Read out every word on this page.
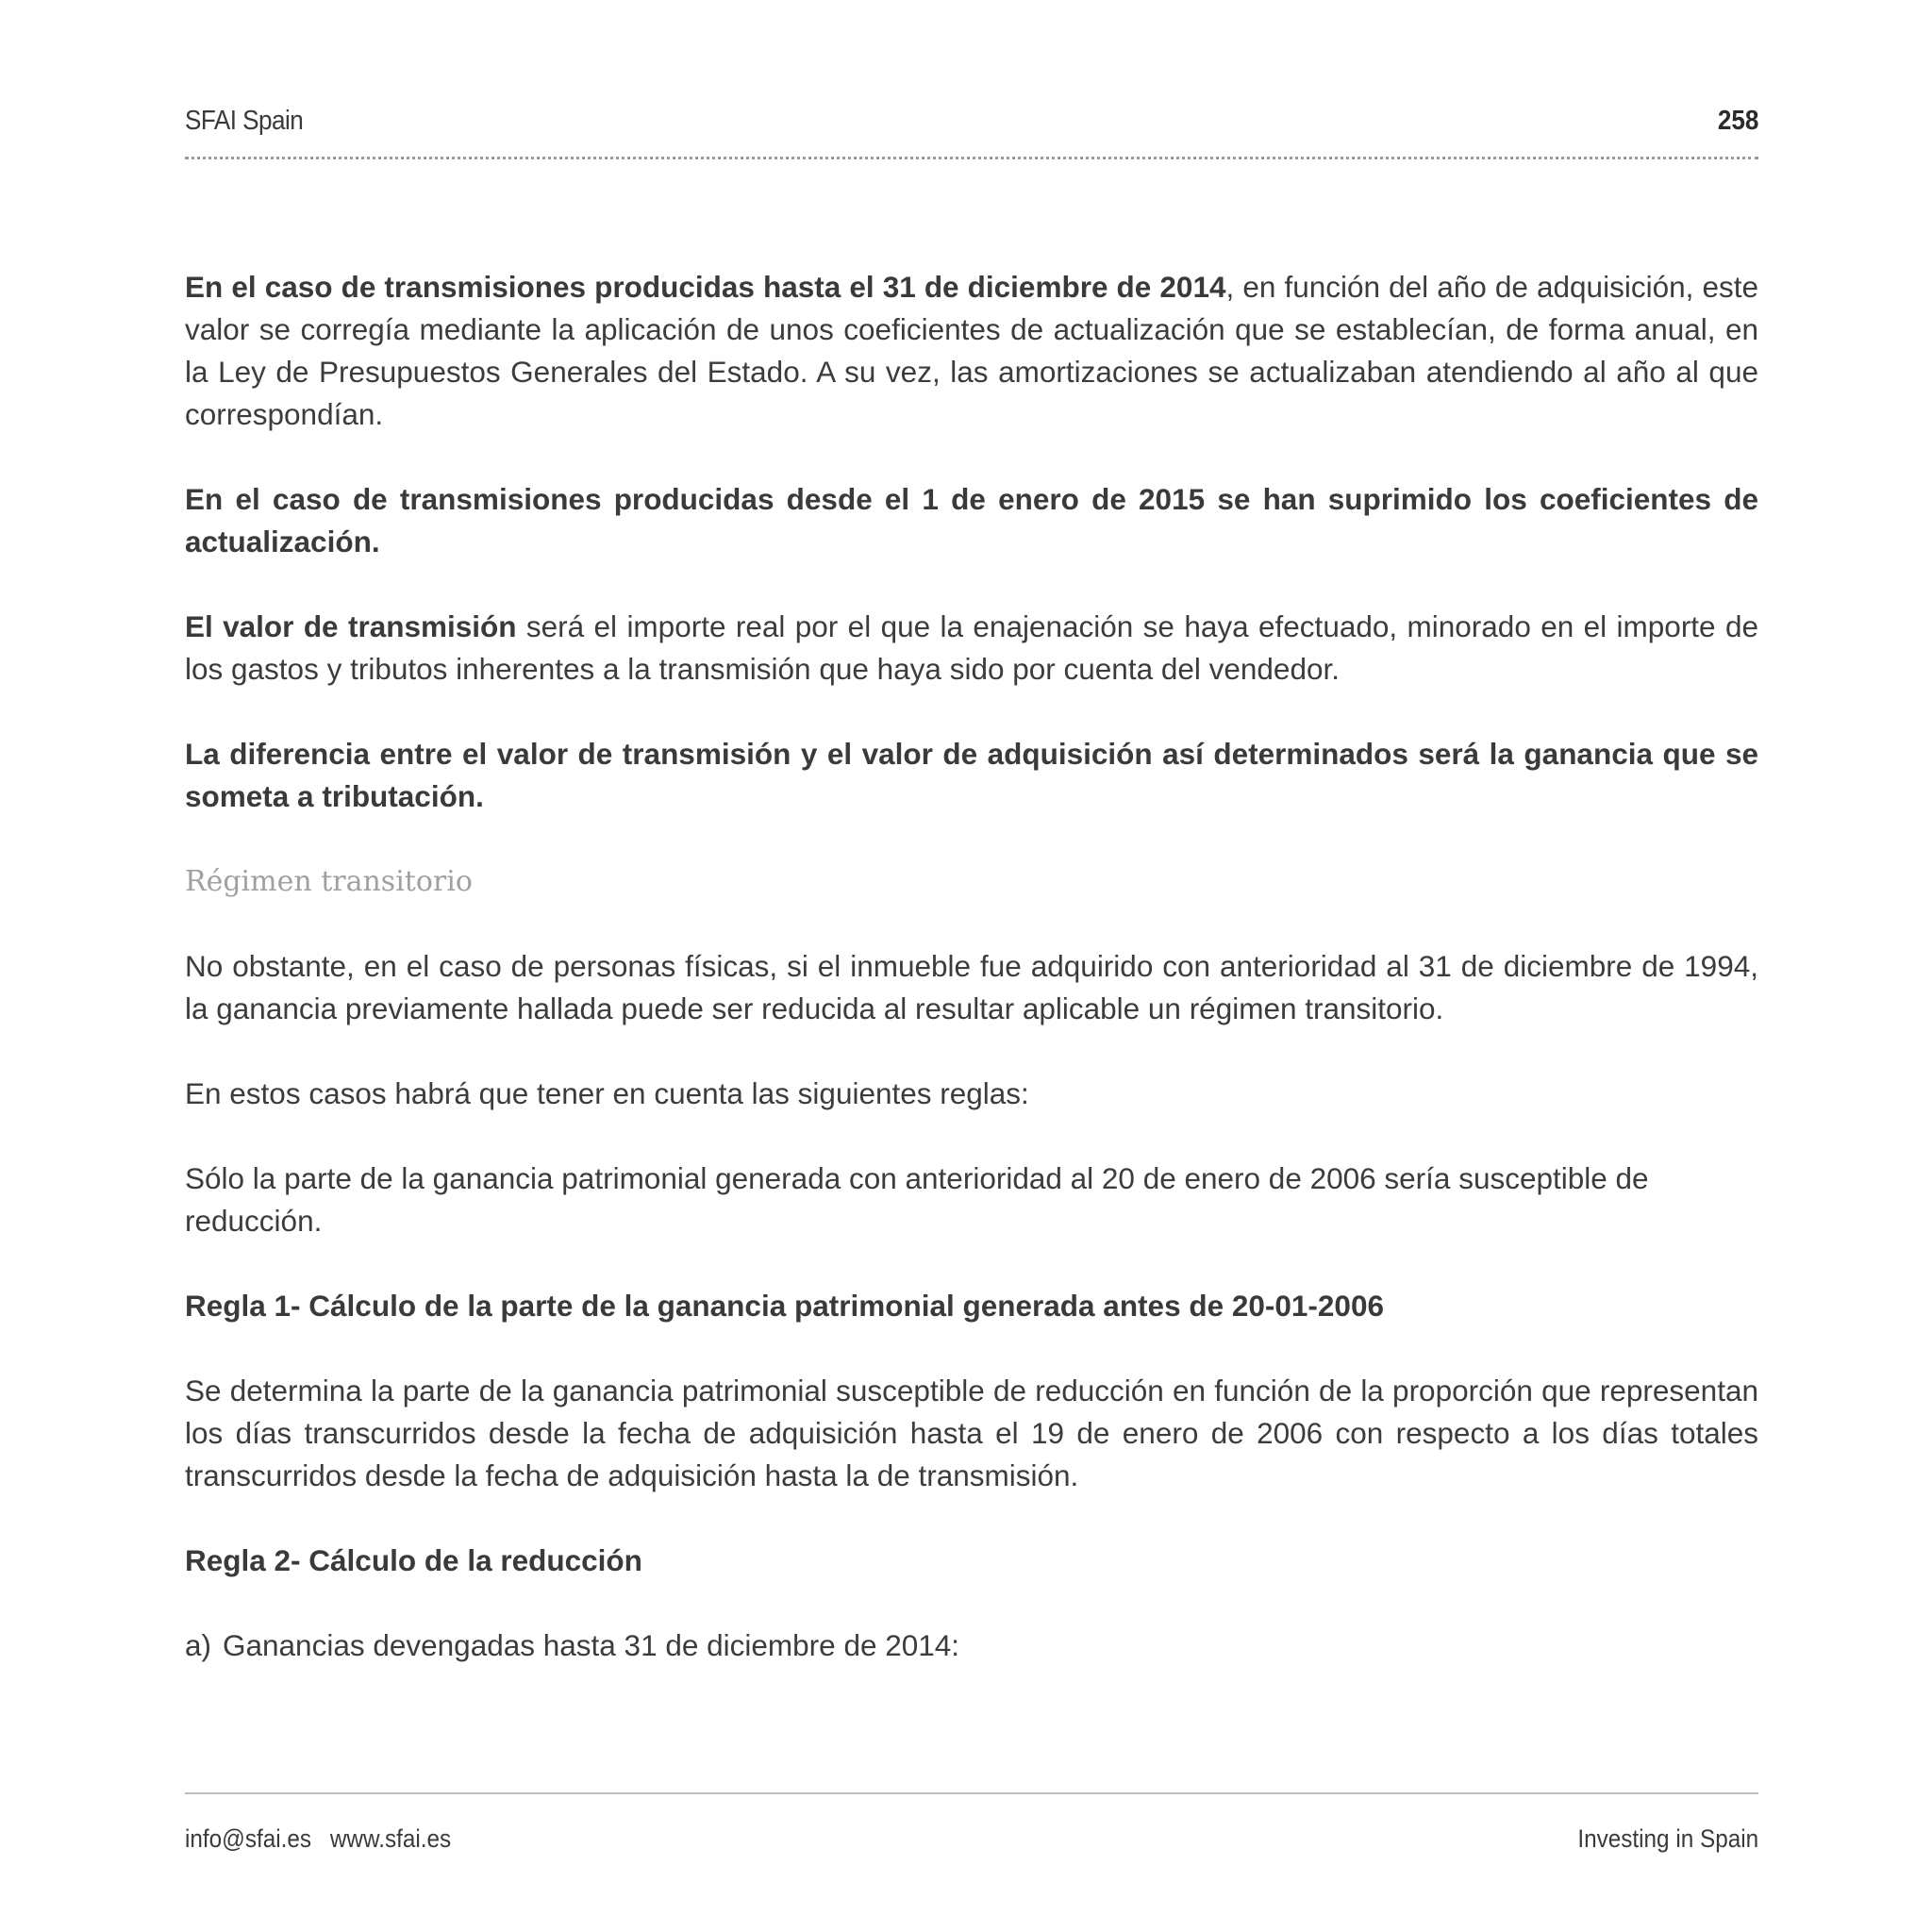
SFAI Spain	258

En el caso de transmisiones producidas hasta el 31 de diciembre de 2014, en función del año de adquisición, este valor se corregía mediante la aplicación de unos coeficientes de actualización que se establecían, de forma anual, en la Ley de Presupuestos Generales del Estado. A su vez, las amortizaciones se actualizaban atendiendo al año al que correspondían.

En el caso de transmisiones producidas desde el 1 de enero de 2015 se han suprimido los coeficientes de actualización.

El valor de transmisión será el importe real por el que la enajenación se haya efectuado, minorado en el importe de los gastos y tributos inherentes a la transmisión que haya sido por cuenta del vendedor.

La diferencia entre el valor de transmisión y el valor de adquisición así determinados será la ganancia que se someta a tributación.

Régimen transitorio

No obstante, en el caso de personas físicas, si el inmueble fue adquirido con anterioridad al 31 de diciembre de 1994, la ganancia previamente hallada puede ser reducida al resultar aplicable un régimen transitorio.

En estos casos habrá que tener en cuenta las siguientes reglas:

Sólo la parte de la ganancia patrimonial generada con anterioridad al 20 de enero de 2006 sería susceptible de reducción.

Regla 1- Cálculo de la parte de la ganancia patrimonial generada antes de 20-01-2006

Se determina la parte de la ganancia patrimonial susceptible de reducción en función de la proporción que representan los días transcurridos desde la fecha de adquisición hasta el 19 de enero de 2006 con respecto a los días totales transcurridos desde la fecha de adquisición hasta la de transmisión.

Regla 2- Cálculo de la reducción

a) Ganancias devengadas hasta 31 de diciembre de 2014:

info@sfai.es www.sfai.es	Investing in Spain
